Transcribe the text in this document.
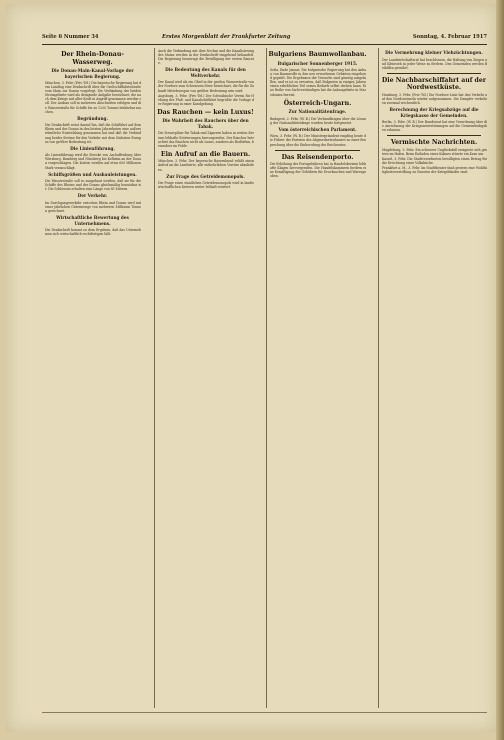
Seite 6 Nummer 34	Erstes Morgenblatt der Frankfurter Zeitung	Sonntag, 4. Februar 1917
Der Rhein-Donau-Wasserweg.
Die Donau-Main-Kanal-Vorlage der bayerischen Regierung.
München, 3. Febr. (Priv.-Tel.) Die bayerische Regierung hat dem Landtag eine Denkschrift über die Großschiffahrtsstraße vom Main zur Donau vorgelegt. Die Verbindung der beiden Stromgebiete wird als dringende Aufgabe bezeichnet, die nach dem Kriege mit aller Kraft in Angriff genommen werden soll. Der Ausbau soll in mehreren Abschnitten erfolgen und die Wasserstraße für Schiffe bis zu 1200 Tonnen befahrbar machen.
Begründung.
Die Denkschrift weist darauf hin, daß die Schiffahrt auf dem Rhein und der Donau in den letzten Jahrzehnten eine außerordentliche Entwicklung genommen hat und daß die Verbindung beider Ströme für den Verkehr mit dem Südosten Europas von größter Bedeutung ist.
Die Linienführung.
Als Linienführung wird die Strecke von Aschaffenburg über Würzburg, Bamberg und Nürnberg bis Kelheim an der Donau vorgeschlagen. Die Kosten werden auf etwa 600 Millionen Mark veranschlagt.
Schiffsgrößen und Ausbauleistungen.
Die Wasserstraße soll so ausgebaut werden, daß sie für die Schiffe des Rheins und der Donau gleichmäßig benutzbar ist. Die Schleusen erhalten eine Länge von 85 Metern.
Der Verkehr.
Im Durchgangsverkehr zwischen Rhein und Donau wird mit einer jährlichen Gütermenge von mehreren Millionen Tonnen gerechnet.
Wirtschaftliche Bewertung des Unternehmens.
Die Denkschrift kommt zu dem Ergebnis, daß das Unternehmen sich wirtschaftlich rechtfertigen läßt.
Auch die Verbindung mit dem Neckar und die Kanalisierung des Mains werden in der Denkschrift eingehend behandelt. Die Regierung beantragt die Bewilligung der ersten Baurate.
Die Bedeutung des Kanals für den Weltverkehr.
Der Kanal wird als ein Glied in der großen Wasserstraße von der Nordsee zum Schwarzen Meer bezeichnet, die für die Zukunft Mitteleuropas von größter Bedeutung sein wird.
Augsburg, 3. Febr. (Priv.-Tel.) Der Schwäbische Verein für Hebung der Fluß- und Kanalschiffahrt begrüßte die Vorlage der Regierung in einer Kundgebung.
Das Rauchen — kein Luxus!
Die Wahrheit des Rauchers über den Tabak.
Die Steuerpläne für Tabak und Zigarren haben in weiten Kreisen lebhafte Erörterungen hervorgerufen. Der Raucher betrachtet das Rauchen nicht als Luxus, sondern als Bedürfnis, besonders im Felde.
Ein Aufruf an die Bauern.
München, 3. Febr. Der bayerische Bauernbund erläßt einen Aufruf an die Landwirte, alle entbehrlichen Vorräte abzuliefern.
Zur Frage des Getreidemonopols.
Die Frage eines staatlichen Getreidemonopols wird in landwirtschaftlichen Kreisen weiter lebhaft erörtert.
Bulgariens Baumwollanbau.
Bulgarischer Sonnenberger 1915.
Sofia, Ende Januar. Die bulgarische Regierung hat den Anbau von Baumwolle in den neu erworbenen Gebieten eingehend geprüft. Die Ergebnisse der Versuche sind günstig ausgefallen, und es ist zu erwarten, daß Bulgarien in einigen Jahren einen erheblichen Teil seines Bedarfs selbst decken kann. Eine Reihe von Sachverständigen hat die Anbaugebiete in Mazedonien bereist.
Österreich-Ungarn.
Zur Nationalitätenfrage.
Budapest, 2. Febr. (W. B.) Die Verhandlungen über die Lösung der Nationalitätenfrage wurden heute fortgesetzt.
Vom österreichischen Parlament.
Wien, 3. Febr. (W. B.) Der Ministerpräsident empfing heute die Führer der Parteien des Abgeordnetenhauses zu einer Besprechung über die Einberufung des Reichsrates.
Das Reisendenporto.
Die Erhöhung der Portogebühren hat in Handelskreisen lebhafte Klagen hervorgerufen. Die Handelskammern fordern eine Ermäßigung der Gebühren für Drucksachen und Warenproben.
Die Vermehrung kleiner Viehzüchtungen.
Der Landwirtschaftsrat hat beschlossen, die Haltung von Ziegen und Kleinvieh in jeder Weise zu fördern. Den Gemeinden werden Beihilfen gewährt.
Die Nachbarschiffahrt auf der Nordwestküste.
Hamburg, 3. Febr. (Priv.-Tel.) Die Nordsee-Linie hat den Verkehr auf den Nordseeinseln wieder aufgenommen. Die Dampfer verkehren zweimal wöchentlich.
Berechnung der Kriegsabzüge auf die Kriegskasse der Gemeinden.
Berlin, 3. Febr. (W. B.) Der Bundesrat hat eine Verordnung über die Anrechnung der Kriegsunterstützungen auf die Gemeindeabgaben erlassen.
Vermischte Nachrichten.
Magdeburg, 3. Febr. Ein schwerer Unglücksfall ereignete sich gestern im Hafen. Beim Entladen eines Kahnes stürzte ein Kran um.
Kassel, 3. Febr. Die Stadtverordneten bewilligten einen Betrag für die Errichtung einer Volksküche.
Frankfurt a. M., 3. Febr. Im Stadttheater fand gestern eine Wohltätigkeitsvorstellung zu Gunsten der Kriegsblinden statt.
